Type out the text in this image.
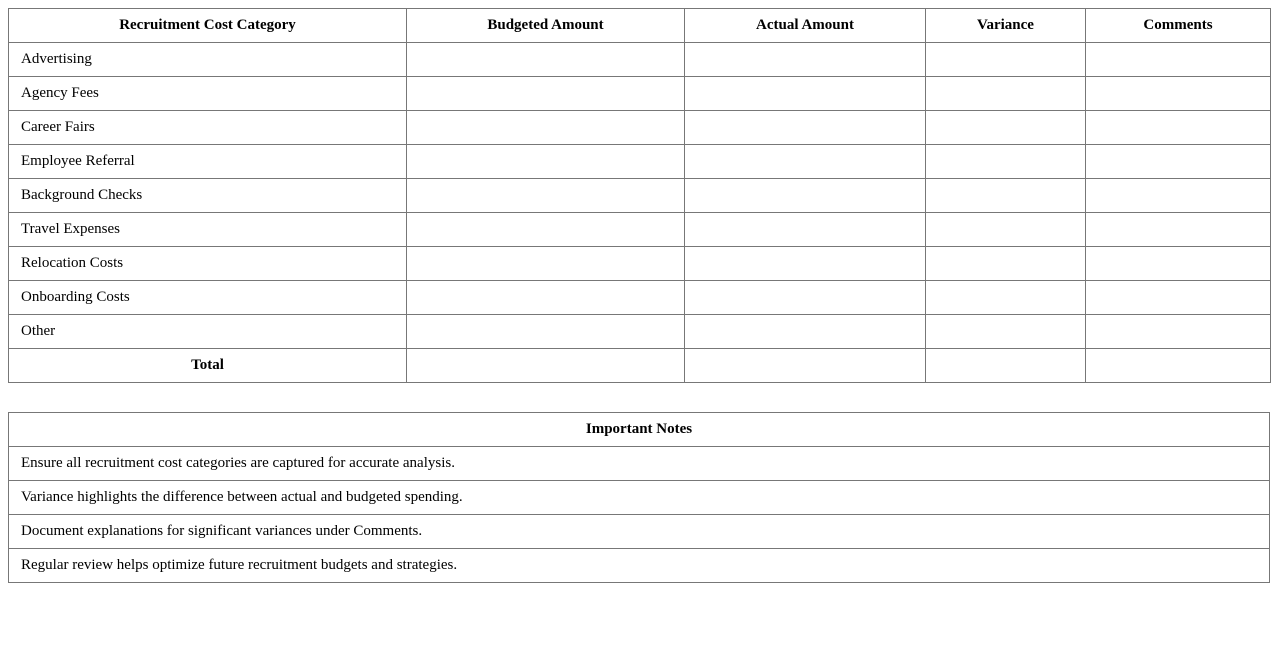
Recruitment Cost Category	Budgeted Amount	Actual Amount	Variance	Comments
Advertising				
Agency Fees				
Career Fairs				
Employee Referral				
Background Checks				
Travel Expenses				
Relocation Costs				
Onboarding Costs				
Other				
Total				
Important Notes
Ensure all recruitment cost categories are captured for accurate analysis.
Variance highlights the difference between actual and budgeted spending.
Document explanations for significant variances under Comments.
Regular review helps optimize future recruitment budgets and strategies.
